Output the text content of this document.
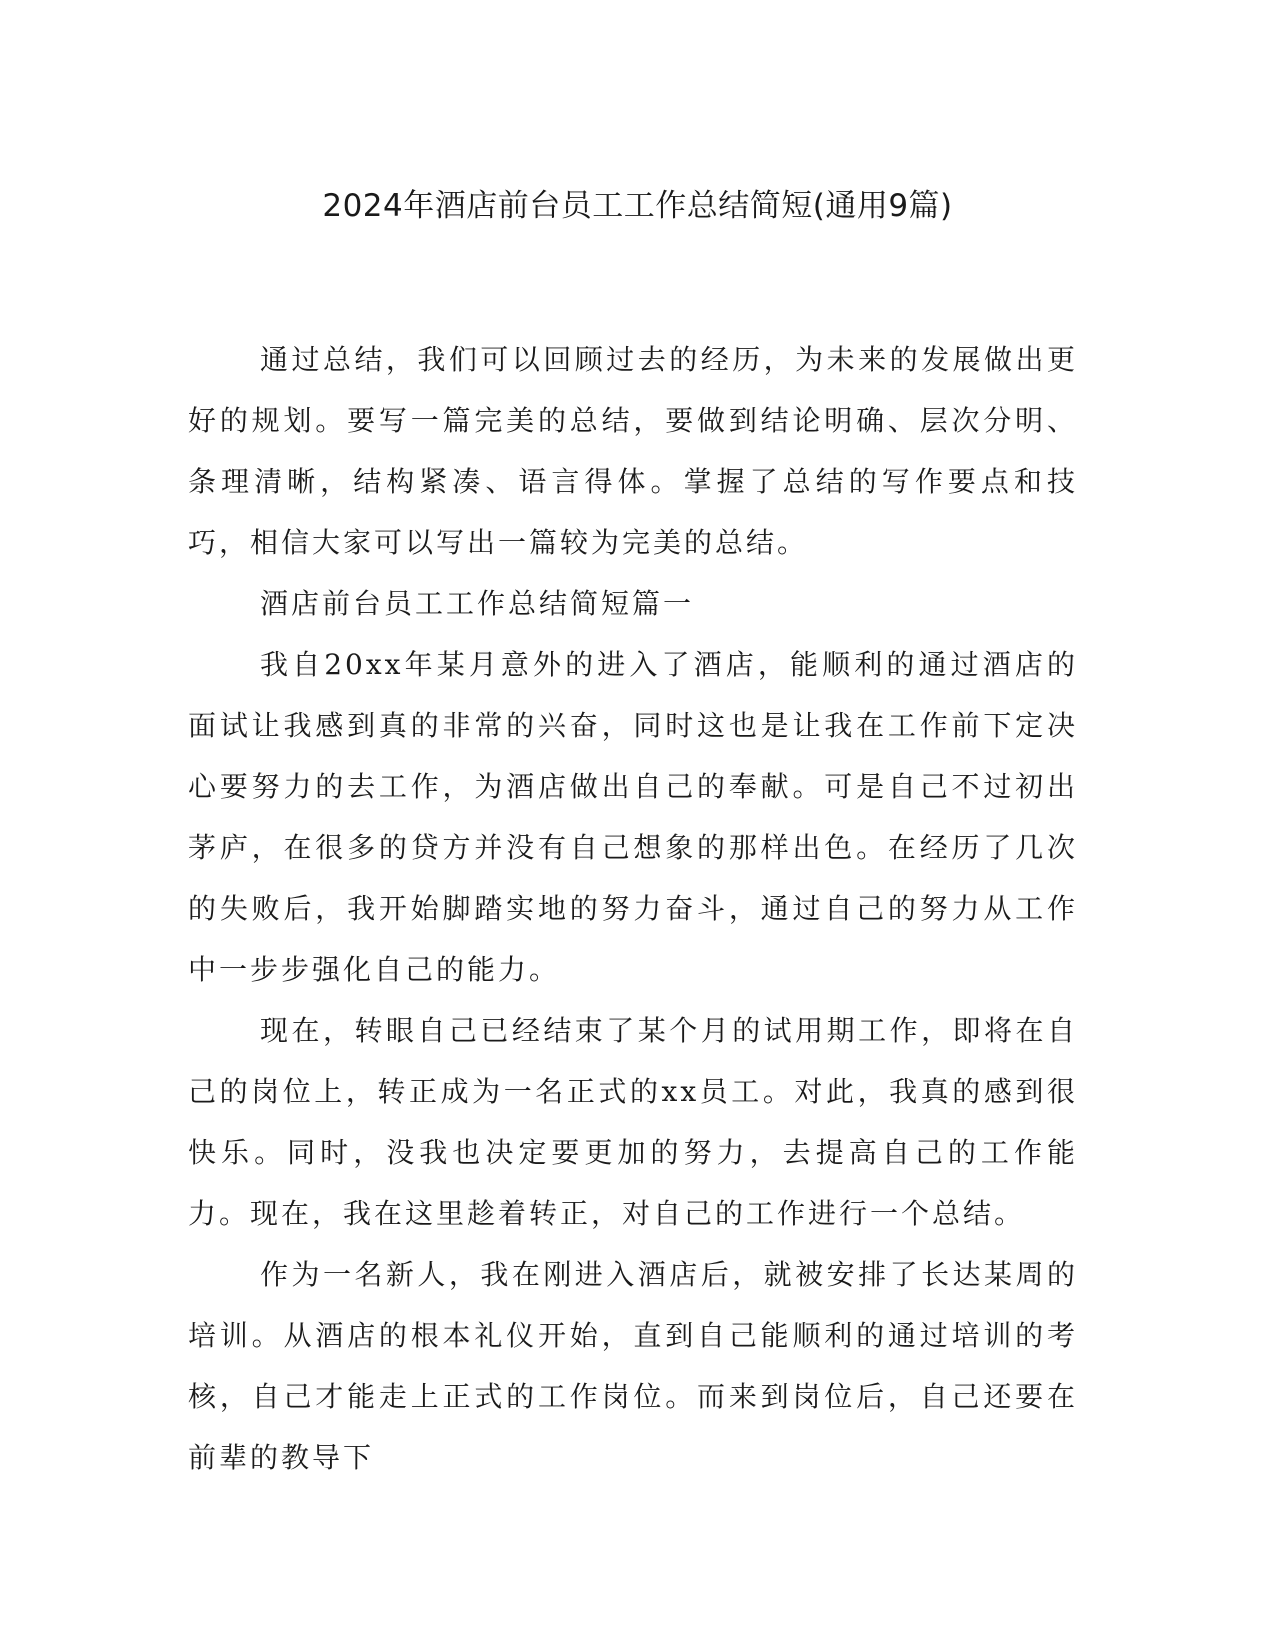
2024年酒店前台员工工作总结简短(通用9篇)

通过总结，我们可以回顾过去的经历，为未来的发展做出更好的规划。要写一篇完美的总结，要做到结论明确、层次分明、条理清晰，结构紧凑、语言得体。掌握了总结的写作要点和技巧，相信大家可以写出一篇较为完美的总结。

酒店前台员工工作总结简短篇一

我自20xx年某月意外的进入了酒店，能顺利的通过酒店的面试让我感到真的非常的兴奋，同时这也是让我在工作前下定决心要努力的去工作，为酒店做出自己的奉献。可是自己不过初出茅庐，在很多的贷方并没有自己想象的那样出色。在经历了几次的失败后，我开始脚踏实地的努力奋斗，通过自己的努力从工作中一步步强化自己的能力。

现在，转眼自己已经结束了某个月的试用期工作，即将在自己的岗位上，转正成为一名正式的xx员工。对此，我真的感到很快乐。同时，没我也决定要更加的努力，去提高自己的工作能力。现在，我在这里趁着转正，对自己的工作进行一个总结。

作为一名新人，我在刚进入酒店后，就被安排了长达某周的培训。从酒店的根本礼仪开始，直到自己能顺利的通过培训的考核，自己才能走上正式的工作岗位。而来到岗位后，自己还要在前辈的教导下
